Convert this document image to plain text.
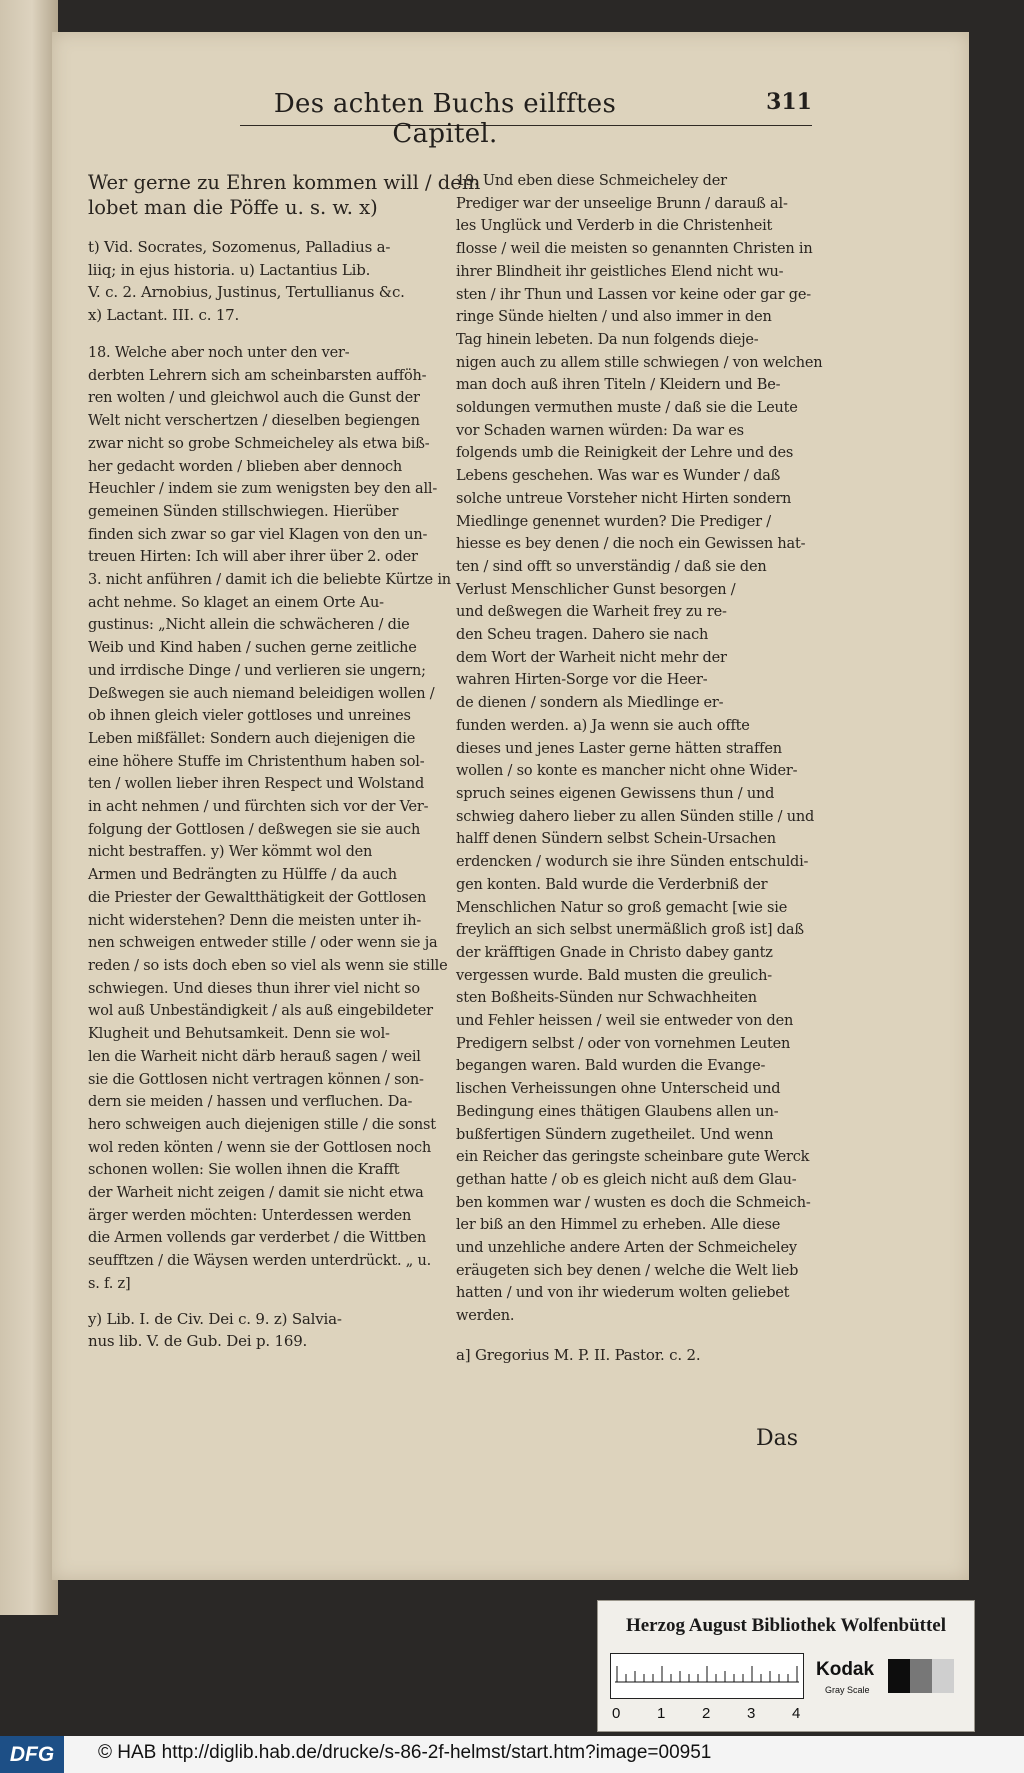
Des achten Buchs eilfftes Capitel.
311
Wer gerne zu Ehren kommen will / dem
lobet man die Pöffe u. s. w. x)
t) Vid. Socrates, Sozomenus, Palladius a-
liiq; in ejus historia. u) Lactantius Lib.
V. c. 2. Arnobius, Justinus, Tertullianus &c.
x) Lactant. III. c. 17.
18. Welche aber noch unter den ver-
derbten Lehrern sich am scheinbarsten aufföh-
ren wolten / und gleichwol auch die Gunst der
Welt nicht verschertzen / dieselben begiengen
zwar nicht so grobe Schmeicheley als etwa biß-
her gedacht worden / blieben aber dennoch
Heuchler / indem sie zum wenigsten bey den all-
gemeinen Sünden stillschwiegen. Hierüber
finden sich zwar so gar viel Klagen von den un-
treuen Hirten: Ich will aber ihrer über 2. oder
3. nicht anführen / damit ich die beliebte Kürtze in
acht nehme. So klaget an einem Orte Au-
gustinus: „Nicht allein die schwächeren / die
Weib und Kind haben / suchen gerne zeitliche
und irrdische Dinge / und verlieren sie ungern;
Deßwegen sie auch niemand beleidigen wollen /
ob ihnen gleich vieler gottloses und unreines
Leben mißfället: Sondern auch diejenigen die
eine höhere Stuffe im Christenthum haben sol-
ten / wollen lieber ihren Respect und Wolstand
in acht nehmen / und fürchten sich vor der Ver-
folgung der Gottlosen / deßwegen sie sie auch
nicht bestraffen. y) Wer kömmt wol den
Armen und Bedrängten zu Hülffe / da auch
die Priester der Gewaltthätigkeit der Gottlosen
nicht widerstehen? Denn die meisten unter ih-
nen schweigen entweder stille / oder wenn sie ja
reden / so ists doch eben so viel als wenn sie stille
schwiegen. Und dieses thun ihrer viel nicht so
wol auß Unbeständigkeit / als auß eingebildeter
Klugheit und Behutsamkeit. Denn sie wol-
len die Warheit nicht därb herauß sagen / weil
sie die Gottlosen nicht vertragen können / son-
dern sie meiden / hassen und verfluchen. Da-
hero schweigen auch diejenigen stille / die sonst
wol reden könten / wenn sie der Gottlosen noch
schonen wollen: Sie wollen ihnen die Krafft
der Warheit nicht zeigen / damit sie nicht etwa
ärger werden möchten: Unterdessen werden
die Armen vollends gar verderbet / die Wittben
seufftzen / die Wäysen werden unterdrückt. „ u.
s. f. z]
y) Lib. I. de Civ. Dei c. 9. z) Salvia-
nus lib. V. de Gub. Dei p. 169.
19. Und eben diese Schmeicheley der
Prediger war der unseelige Brunn / darauß al-
les Unglück und Verderb in die Christenheit
flosse / weil die meisten so genannten Christen in
ihrer Blindheit ihr geistliches Elend nicht wu-
sten / ihr Thun und Lassen vor keine oder gar ge-
ringe Sünde hielten / und also immer in den
Tag hinein lebeten. Da nun folgends dieje-
nigen auch zu allem stille schwiegen / von welchen
man doch auß ihren Titeln / Kleidern und Be-
soldungen vermuthen muste / daß sie die Leute
vor Schaden warnen würden: Da war es
folgends umb die Reinigkeit der Lehre und des
Lebens geschehen. Was war es Wunder / daß
solche untreue Vorsteher nicht Hirten sondern
Miedlinge genennet wurden? Die Prediger /
hiesse es bey denen / die noch ein Gewissen hat-
ten / sind offt so unverständig / daß sie den
Verlust Menschlicher Gunst besorgen /
und deßwegen die Warheit frey zu re-
den Scheu tragen. Dahero sie nach
dem Wort der Warheit nicht mehr der
wahren Hirten-Sorge vor die Heer-
de dienen / sondern als Miedlinge er-
funden werden. a) Ja wenn sie auch offte
dieses und jenes Laster gerne hätten straffen
wollen / so konte es mancher nicht ohne Wider-
spruch seines eigenen Gewissens thun / und
schwieg dahero lieber zu allen Sünden stille / und
halff denen Sündern selbst Schein-Ursachen
erdencken / wodurch sie ihre Sünden entschuldi-
gen konten. Bald wurde die Verderbniß der
Menschlichen Natur so groß gemacht [wie sie
freylich an sich selbst unermäßlich groß ist] daß
der kräfftigen Gnade in Christo dabey gantz
vergessen wurde. Bald musten die greulich-
sten Boßheits-Sünden nur Schwachheiten
und Fehler heissen / weil sie entweder von den
Predigern selbst / oder von vornehmen Leuten
begangen waren. Bald wurden die Evange-
lischen Verheissungen ohne Unterscheid und
Bedingung eines thätigen Glaubens allen un-
bußfertigen Sündern zugetheilet. Und wenn
ein Reicher das geringste scheinbare gute Werck
gethan hatte / ob es gleich nicht auß dem Glau-
ben kommen war / wusten es doch die Schmeich-
ler biß an den Himmel zu erheben. Alle diese
und unzehliche andere Arten der Schmeicheley
eräugeten sich bey denen / welche die Welt lieb
hatten / und von ihr wiederum wolten geliebet
werden.
a] Gregorius M. P. II. Pastor. c. 2.
Das
Herzog August Bibliothek Wolfenbüttel
0 1 2 3 4
Kodak
Gray Scale
DFG	© HAB http://diglib.hab.de/drucke/s-86-2f-helmst/start.htm?image=00951
